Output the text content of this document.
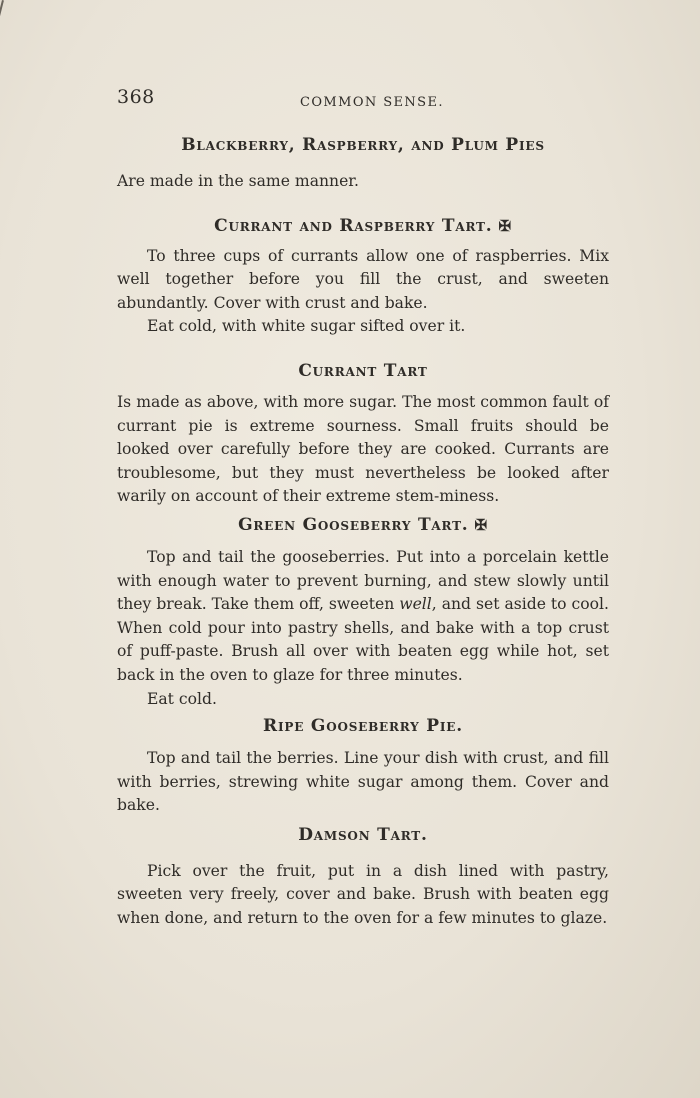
368	COMMON SENSE.
Blackberry, Raspberry, and Plum Pies

Are made in the same manner.

Currant and Raspberry Tart. ✠

To three cups of currants allow one of raspberries. Mix well together before you fill the crust, and sweeten abundantly. Cover with crust and bake.

Eat cold, with white sugar sifted over it.

Currant Tart

Is made as above, with more sugar. The most common fault of currant pie is extreme sourness. Small fruits should be looked over carefully before they are cooked. Currants are troublesome, but they must nevertheless be looked after warily on account of their extreme stem-miness.

Green Gooseberry Tart. ✠

Top and tail the gooseberries. Put into a porcelain kettle with enough water to prevent burning, and stew slowly until they break. Take them off, sweeten well, and set aside to cool. When cold pour into pastry shells, and bake with a top crust of puff-paste. Brush all over with beaten egg while hot, set back in the oven to glaze for three minutes.

Eat cold.

Ripe Gooseberry Pie.

Top and tail the berries. Line your dish with crust, and fill with berries, strewing white sugar among them. Cover and bake.

Damson Tart.

Pick over the fruit, put in a dish lined with pastry, sweeten very freely, cover and bake. Brush with beaten egg when done, and return to the oven for a few minutes to glaze.
